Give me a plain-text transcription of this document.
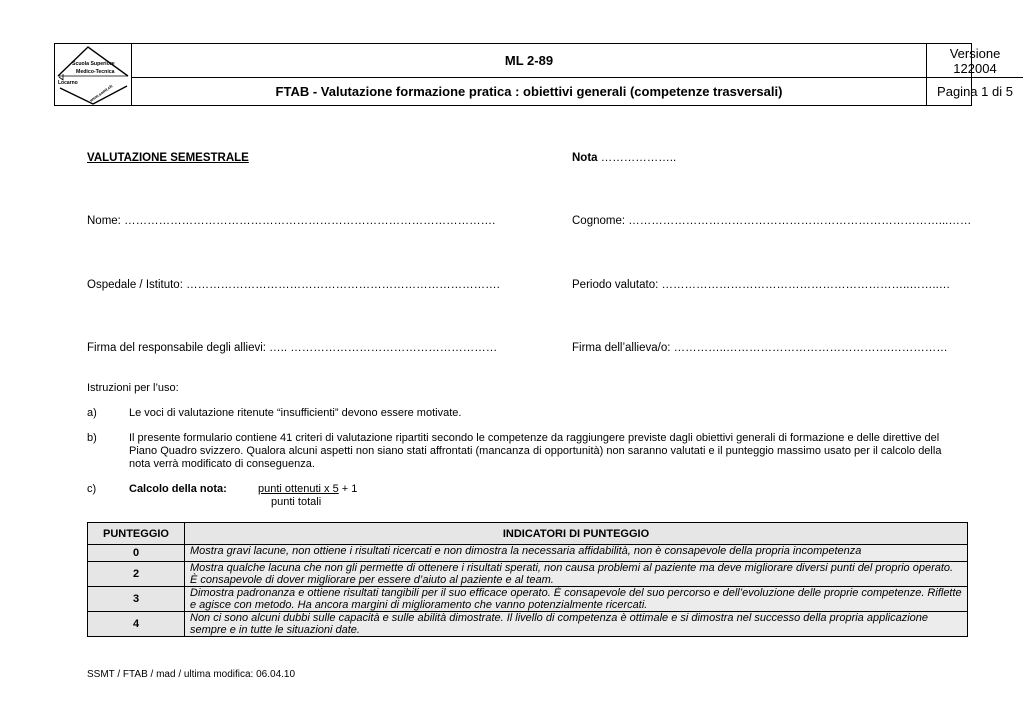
Scuola Superiore
Medico-Tecnica
Locarno
www.ssmt.ch
ML 2-89
FTAB - Valutazione formazione pratica : obiettivi generali (competenze trasversali)
Versione
122004
Pagina 1 di 5
VALUTAZIONE SEMESTRALE	Nota ………………..
Nome: …………………………………………………………………………………….	Cognome: ………………………………………………………………………...……
Ospedale / Istituto: ……………………………………………………………………….	Periodo valutato: ………………………………………………………..……..…
Firma del responsabile degli allievi: ….. ………………………………………………	Firma dell’allieva/o: …………..…………………………………….……………
Istruzioni per l’uso:
a)	Le voci di valutazione ritenute “insufficienti” devono essere motivate.
b)	Il presente formulario contiene 41 criteri di valutazione ripartiti secondo le competenze da raggiungere previste dagli obiettivi generali di formazione e delle direttive del Piano Quadro svizzero. Qualora alcuni aspetti non siano stati affrontati (mancanza di opportunità) non saranno valutati e il punteggio massimo usato per il calcolo della nota verrà modificato di conseguenza.
c)	Calcolo della nota:	punti ottenuti x 5 + 1
punti totali
PUNTEGGIO	INDICATORI DI PUNTEGGIO
0	Mostra gravi lacune, non ottiene i risultati ricercati e non dimostra la necessaria affidabilità, non è consapevole della propria incompetenza
2	Mostra qualche lacuna che non gli permette di ottenere i risultati sperati, non causa problemi al paziente ma deve migliorare diversi punti del proprio operato. È consapevole di dover migliorare per essere d’aiuto al paziente e al team.
3	Dimostra padronanza e ottiene risultati tangibili per il suo efficace operato. È consapevole del suo percorso e dell’evoluzione delle proprie competenze. Riflette e agisce con metodo. Ha ancora margini di miglioramento che vanno potenzialmente ricercati.
4	Non ci sono alcuni dubbi sulle capacità e sulle abilità dimostrate. Il livello di competenza è ottimale e si dimostra nel successo della propria applicazione sempre e in tutte le situazioni date.
SSMT / FTAB / mad / ultima modifica: 06.04.10
